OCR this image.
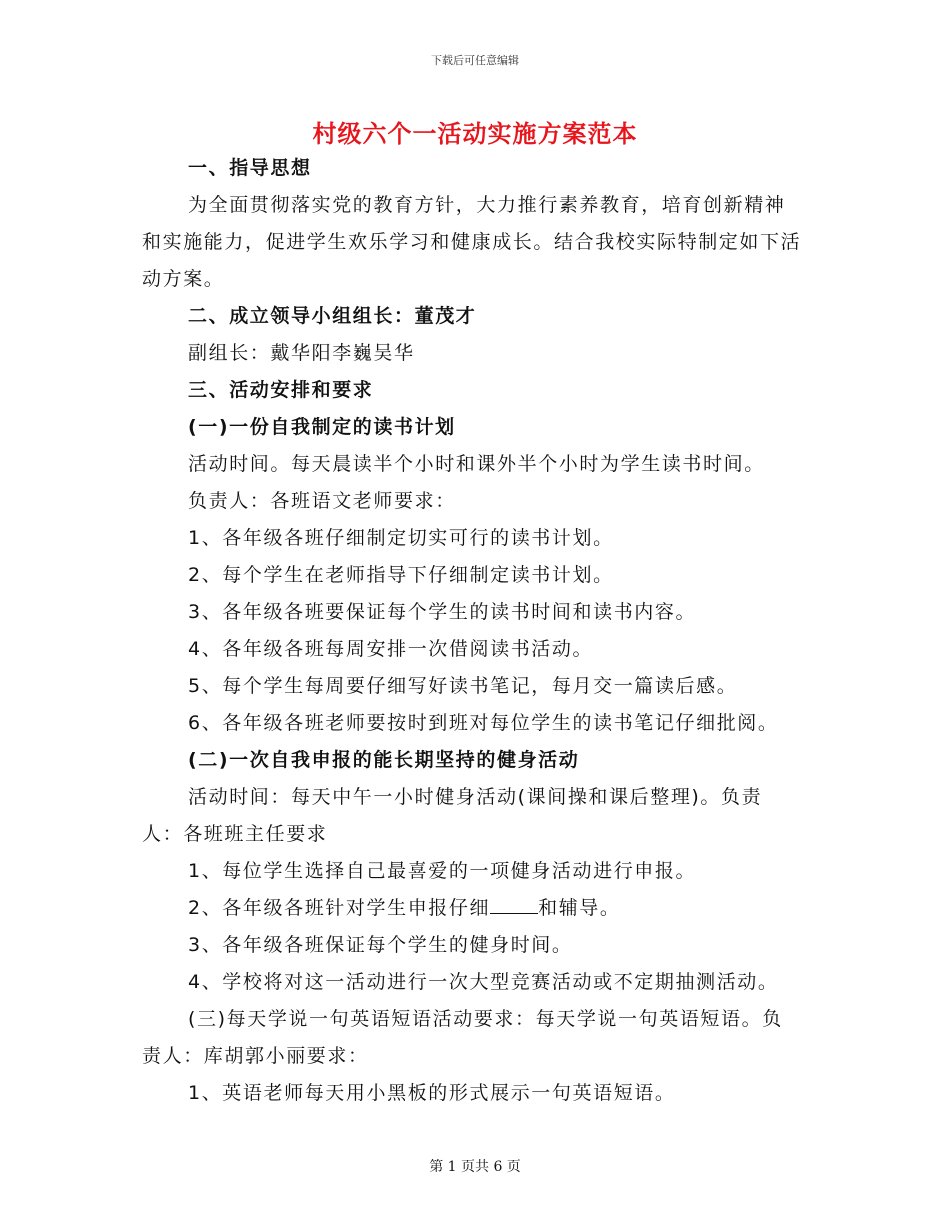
下载后可任意编辑

村级六个一活动实施方案范本

一、指导思想

为全面贯彻落实党的教育方针，大力推行素养教育，培育创新精神和实施能力，促进学生欢乐学习和健康成长。结合我校实际特制定如下活动方案。

二、成立领导小组组长：董茂才

副组长：戴华阳李巍吴华

三、活动安排和要求

(一)一份自我制定的读书计划

活动时间。每天晨读半个小时和课外半个小时为学生读书时间。

负责人：各班语文老师要求：

1、各年级各班仔细制定切实可行的读书计划。

2、每个学生在老师指导下仔细制定读书计划。

3、各年级各班要保证每个学生的读书时间和读书内容。

4、各年级各班每周安排一次借阅读书活动。

5、每个学生每周要仔细写好读书笔记，每月交一篇读后感。

6、各年级各班老师要按时到班对每位学生的读书笔记仔细批阅。

(二)一次自我申报的能长期坚持的健身活动

活动时间：每天中午一小时健身活动(课间操和课后整理)。负责人：各班班主任要求

1、每位学生选择自己最喜爱的一项健身活动进行申报。

2、各年级各班针对学生申报仔细	和辅导。

3、各年级各班保证每个学生的健身时间。

4、学校将对这一活动进行一次大型竞赛活动或不定期抽测活动。

(三)每天学说一句英语短语活动要求：每天学说一句英语短语。负责人：库胡郭小丽要求：

1、英语老师每天用小黑板的形式展示一句英语短语。

第 1 页共 6 页
